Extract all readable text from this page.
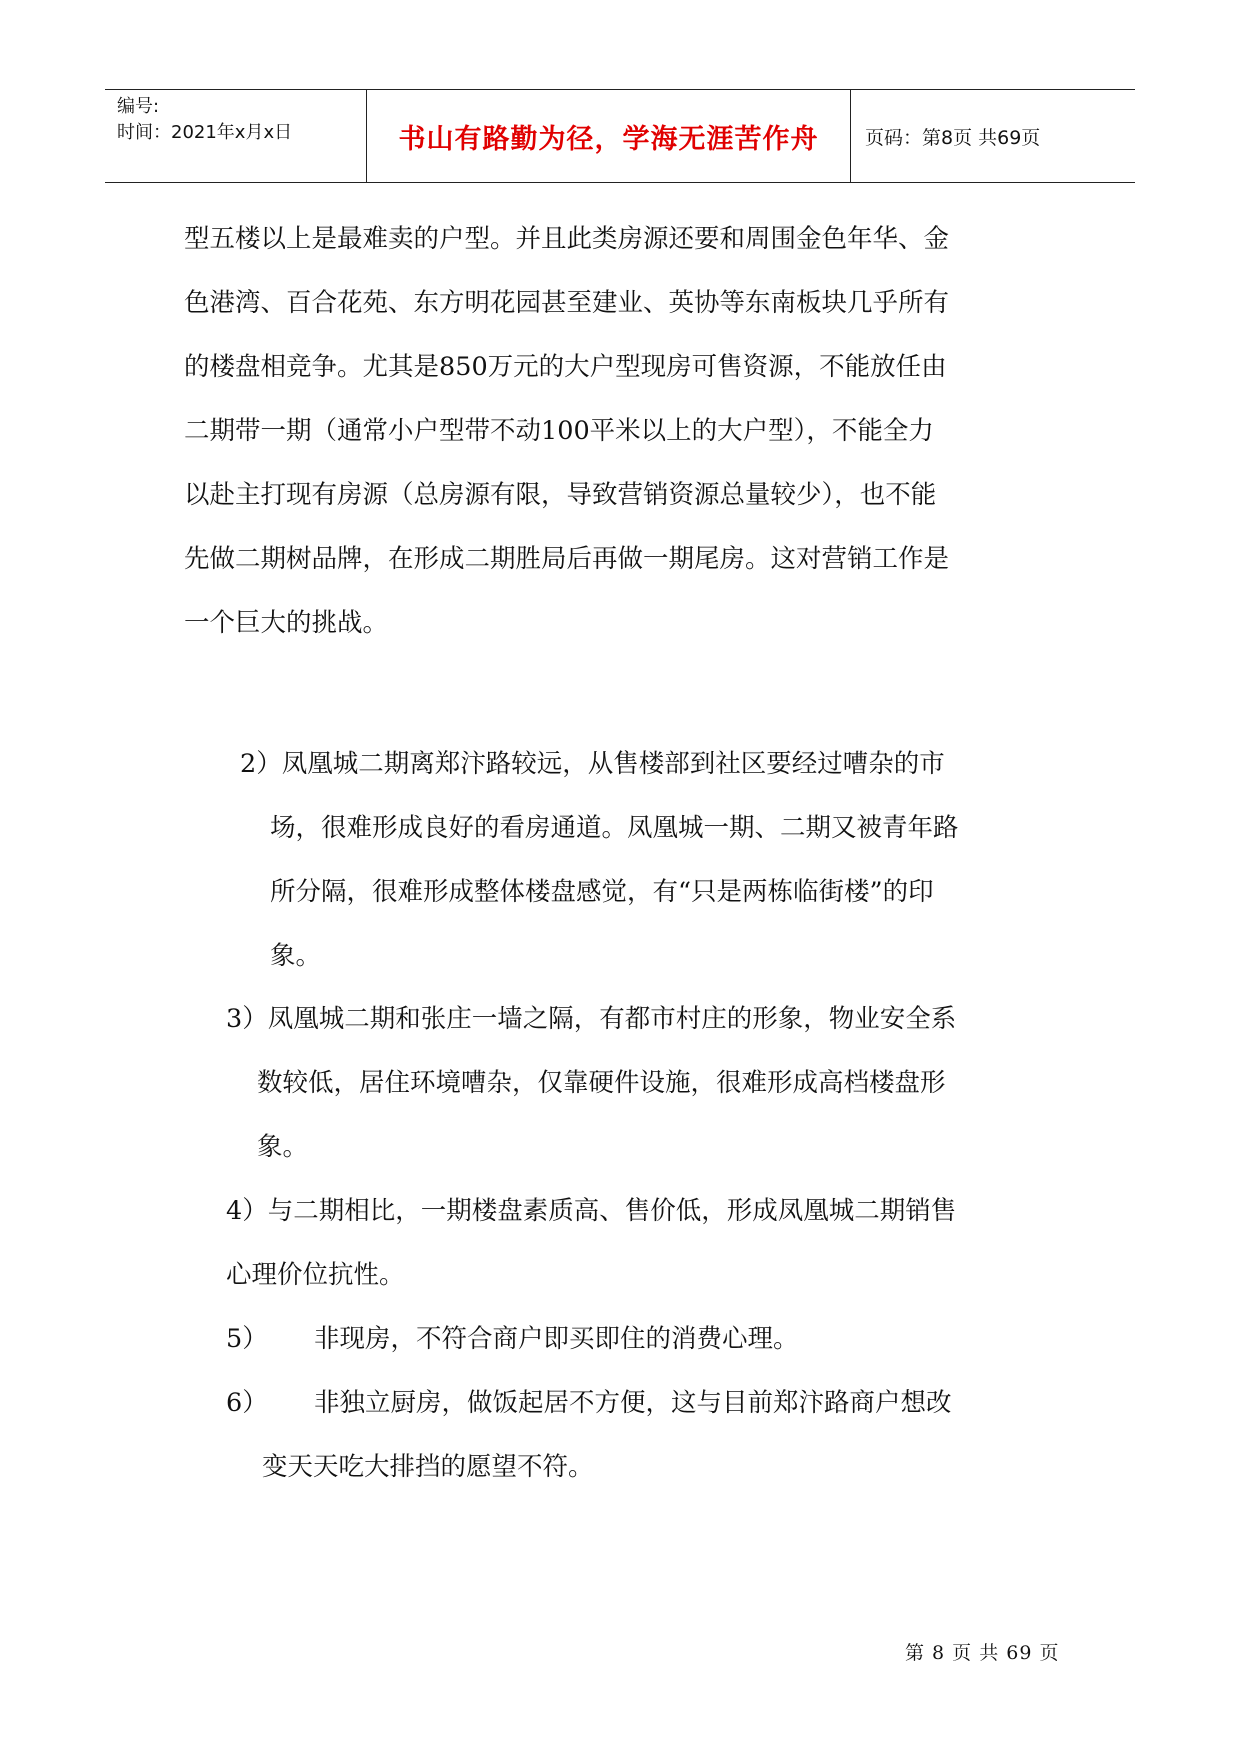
编号:
时间：2021年x月x日	书山有路勤为径，学海无涯苦作舟	页码：第8页 共69页
型五楼以上是最难卖的户型。并且此类房源还要和周围金色年华、金
色港湾、百合花苑、东方明花园甚至建业、英协等东南板块几乎所有
的楼盘相竞争。尤其是850万元的大户型现房可售资源，不能放任由
二期带一期（通常小户型带不动100平米以上的大户型），不能全力
以赴主打现有房源（总房源有限，导致营销资源总量较少），也不能
先做二期树品牌，在形成二期胜局后再做一期尾房。这对营销工作是
一个巨大的挑战。
2）凤凰城二期离郑汴路较远，从售楼部到社区要经过嘈杂的市
场，很难形成良好的看房通道。凤凰城一期、二期又被青年路
所分隔，很难形成整体楼盘感觉，有“只是两栋临街楼”的印
象。
3）凤凰城二期和张庄一墙之隔，有都市村庄的形象，物业安全系
数较低，居住环境嘈杂，仅靠硬件设施，很难形成高档楼盘形
象。
4）与二期相比，一期楼盘素质高、售价低，形成凤凰城二期销售
心理价位抗性。
5） 非现房，不符合商户即买即住的消费心理。
6） 非独立厨房，做饭起居不方便，这与目前郑汴路商户想改
变天天吃大排挡的愿望不符。
第 8 页 共 69 页
